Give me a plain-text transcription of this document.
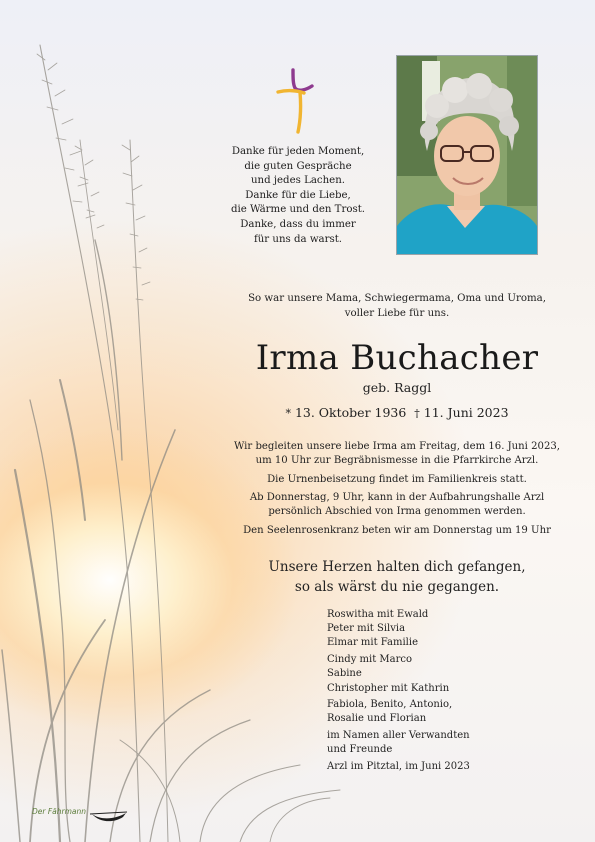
Danke für jeden Moment,
die guten Gespräche
und jedes Lachen.
Danke für die Liebe,
die Wärme und den Trost.
Danke, dass du immer
für uns da warst.
So war unsere Mama, Schwiegermama, Oma und Uroma,
voller Liebe für uns.
Irma Buchacher
geb. Raggl
* 13. Oktober 1936 † 11. Juni 2023

Wir begleiten unsere liebe Irma am Freitag, dem 16. Juni 2023,
um 10 Uhr zur Begräbnismesse in die Pfarrkirche Arzl.

Die Urnenbeisetzung findet im Familienkreis statt.

Ab Donnerstag, 9 Uhr, kann in der Aufbahrungshalle Arzl
persönlich Abschied von Irma genommen werden.

Den Seelenrosenkranz beten wir am Donnerstag um 19 Uhr

Unsere Herzen halten dich gefangen,
so als wärst du nie gegangen.
Roswitha mit Ewald
Peter mit Silvia
Elmar mit Familie
Cindy mit Marco
Sabine
Christopher mit Kathrin
Fabiola, Benito, Antonio,
Rosalie und Florian
im Namen aller Verwandten
und Freunde
Arzl im Pitztal, im Juni 2023
Der Fährmann
